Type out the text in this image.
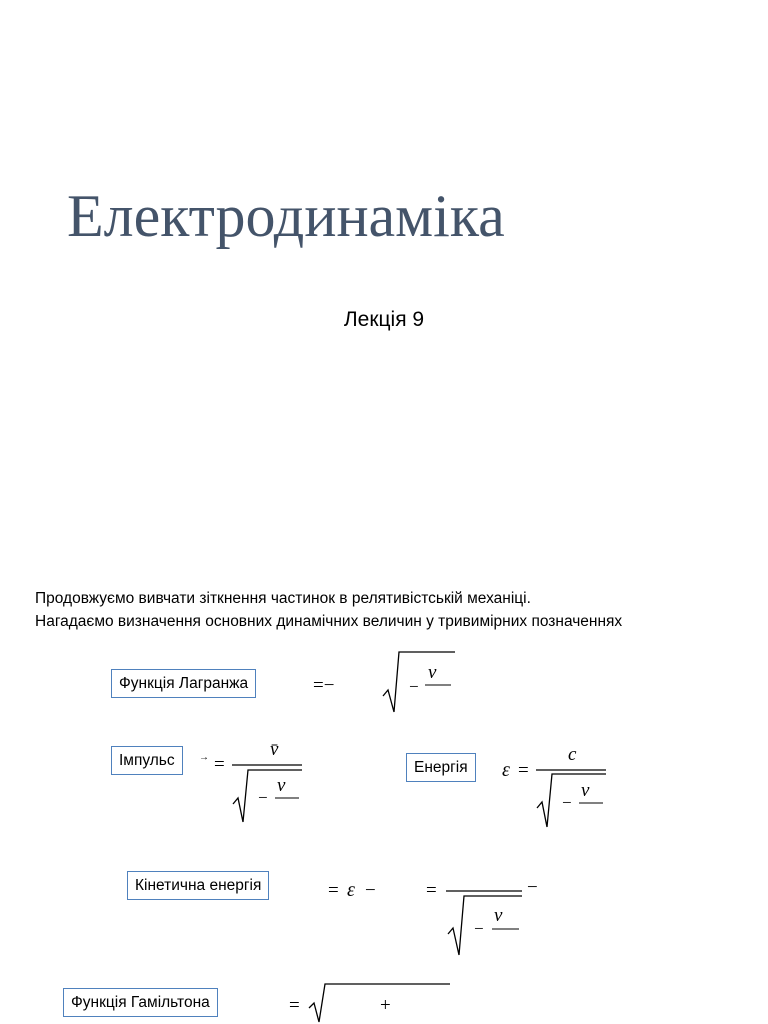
Електродинаміка
Лекція 9
Продовжуємо вивчати зіткнення частинок в релятивістській механіці.
Нагадаємо визначення основних динамічних величин у тривимірних позначеннях
Функція Лагранжа
Імпульс	Енергія
Кінетична енергія
Функція Гамільтона
=−	−
v
→ =
v̄
−
v
ε =
c
−
v
= ε −	=
−
v
−
=	+
